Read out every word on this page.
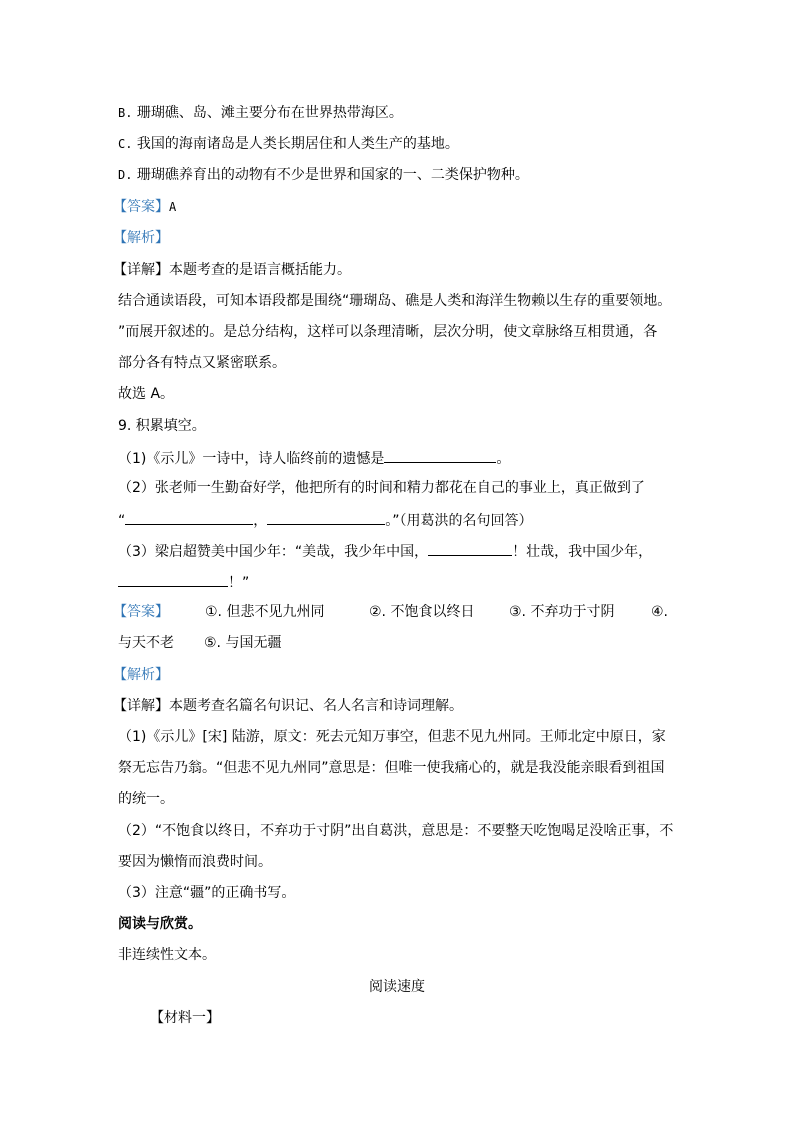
B. 珊瑚礁、岛、滩主要分布在世界热带海区。
C. 我国的海南诸岛是人类长期居住和人类生产的基地。
D. 珊瑚礁养育出的动物有不少是世界和国家的一、二类保护物种。
【答案】A
【解析】
【详解】本题考查的是语言概括能力。
结合通读语段，可知本语段都是围绕“珊瑚岛、礁是人类和海洋生物赖以生存的重要领地。
”而展开叙述的。是总分结构，这样可以条理清晰，层次分明，使文章脉络互相贯通，各
部分各有特点又紧密联系。
故选 A。
9. 积累填空。
（1)《示儿》一诗中，诗人临终前的遗憾是	。
（2）张老师一生勤奋好学，他把所有的时间和精力都花在自己的事业上，真正做到了
“	，	。”（用葛洪的名句回答）
（3）梁启超赞美中国少年：“美哉，我少年中国，	！壮哉，我中国少年，
！”
【答案】	①. 但悲不见九州同	②. 不饱食以终日 ③. 不弃功于寸阴	④.
与天不老 ⑤. 与国无疆
【解析】
【详解】本题考查名篇名句识记、名人名言和诗词理解。
（1)《示儿》[宋] 陆游，原文：死去元知万事空，但悲不见九州同。王师北定中原日，家
祭无忘告乃翁。“但悲不见九州同”意思是：但唯一使我痛心的，就是我没能亲眼看到祖国
的统一。
（2）“不饱食以终日，不弃功于寸阴”出自葛洪，意思是：不要整天吃饱喝足没啥正事，不
要因为懒惰而浪费时间。
（3）注意“疆”的正确书写。
阅读与欣赏。
非连续性文本。
阅读速度
【材料一】
